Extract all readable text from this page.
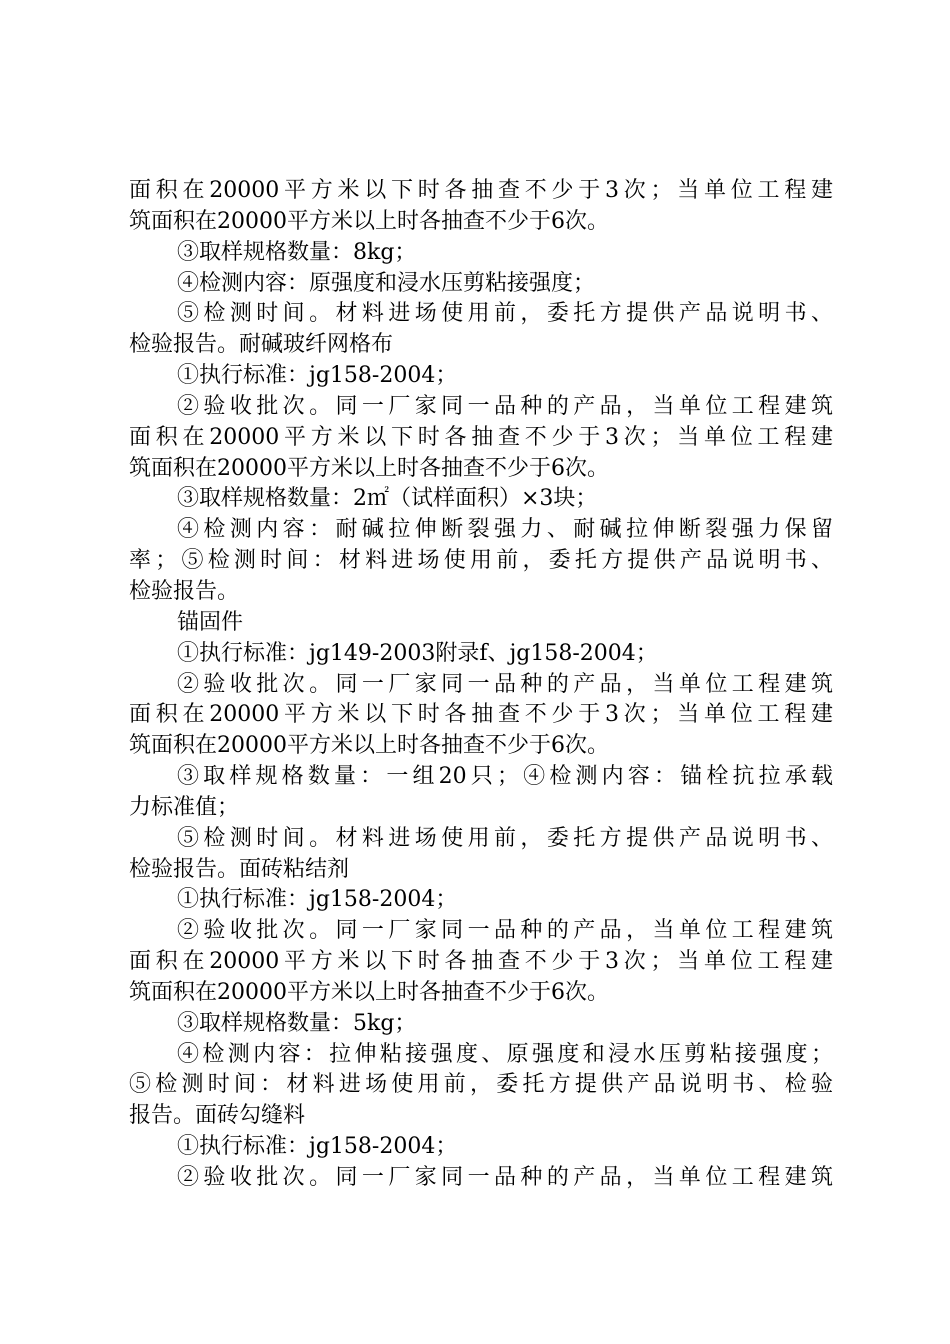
面积在20000平方米以下时各抽查不少于3次；当单位工程建
筑面积在20000平方米以上时各抽查不少于6次。
③取样规格数量：8kg；
④检测内容：原强度和浸水压剪粘接强度；
⑤检测时间。材料进场使用前，委托方提供产品说明书、
检验报告。耐碱玻纤网格布
①执行标准：jg158-2004；
②验收批次。同一厂家同一品种的产品，当单位工程建筑
面积在20000平方米以下时各抽查不少于3次；当单位工程建
筑面积在20000平方米以上时各抽查不少于6次。
③取样规格数量：2㎡（试样面积）×3块；
④检测内容：耐碱拉伸断裂强力、耐碱拉伸断裂强力保留
率；⑤检测时间：材料进场使用前，委托方提供产品说明书、
检验报告。
锚固件
①执行标准：jg149-2003附录f、jg158-2004；
②验收批次。同一厂家同一品种的产品，当单位工程建筑
面积在20000平方米以下时各抽查不少于3次；当单位工程建
筑面积在20000平方米以上时各抽查不少于6次。
③取样规格数量：一组20只；④检测内容：锚栓抗拉承载
力标准值；
⑤检测时间。材料进场使用前，委托方提供产品说明书、
检验报告。面砖粘结剂
①执行标准：jg158-2004；
②验收批次。同一厂家同一品种的产品，当单位工程建筑
面积在20000平方米以下时各抽查不少于3次；当单位工程建
筑面积在20000平方米以上时各抽查不少于6次。
③取样规格数量：5kg；
④检测内容：拉伸粘接强度、原强度和浸水压剪粘接强度；
⑤检测时间：材料进场使用前，委托方提供产品说明书、检验
报告。面砖勾缝料
①执行标准：jg158-2004；
②验收批次。同一厂家同一品种的产品，当单位工程建筑
